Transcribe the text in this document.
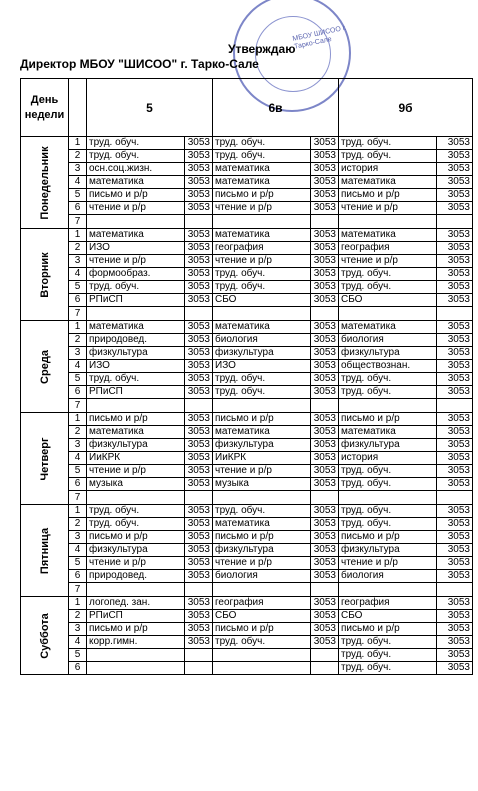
МБОУ ШИСОО г. Тарко-Сале
Утверждаю
Директор МБОУ "ШИСОО" г. Тарко-Сале
День недели		5		6в		9б	

Понедельник	1	труд. обуч.	3053	труд. обуч.	3053	труд. обуч.	3053
	2	труд. обуч.	3053	труд. обуч.	3053	труд. обуч.	3053
	3	осн.соц.жизн.	3053	математика	3053	история	3053
	4	математика	3053	математика	3053	математика	3053
	5	письмо и р/р	3053	письмо и р/р	3053	письмо и р/р	3053
	6	чтение и р/р	3053	чтение и р/р	3053	чтение и р/р	3053
	7						

Вторник	1	математика	3053	математика	3053	математика	3053
	2	ИЗО	3053	география	3053	география	3053
	3	чтение и р/р	3053	чтение и р/р	3053	чтение и р/р	3053
	4	формообраз.	3053	труд. обуч.	3053	труд. обуч.	3053
	5	труд. обуч.	3053	труд. обуч.	3053	труд. обуч.	3053
	6	РПиСП	3053	СБО	3053	СБО	3053
	7						

Среда	1	математика	3053	математика	3053	математика	3053
	2	природовед.	3053	биология	3053	биология	3053
	3	физкультура	3053	физкультура	3053	физкультура	3053
	4	ИЗО	3053	ИЗО	3053	обществознан.	3053
	5	труд. обуч.	3053	труд. обуч.	3053	труд. обуч.	3053
	6	РПиСП	3053	труд. обуч.	3053	труд. обуч.	3053
	7						

Четверг	1	письмо и р/р	3053	письмо и р/р	3053	письмо и р/р	3053
	2	математика	3053	математика	3053	математика	3053
	3	физкультура	3053	физкультура	3053	физкультура	3053
	4	ИиКРК	3053	ИиКРК	3053	история	3053
	5	чтение и р/р	3053	чтение и р/р	3053	труд. обуч.	3053
	6	музыка	3053	музыка	3053	труд. обуч.	3053
	7						

Пятница	1	труд. обуч.	3053	труд. обуч.	3053	труд. обуч.	3053
	2	труд. обуч.	3053	математика	3053	труд. обуч.	3053
	3	письмо и р/р	3053	письмо и р/р	3053	письмо и р/р	3053
	4	физкультура	3053	физкультура	3053	физкультура	3053
	5	чтение и р/р	3053	чтение и р/р	3053	чтение и р/р	3053
	6	природовед.	3053	биология	3053	биология	3053
	7						

Суббота	1	логопед. зан.	3053	география	3053	география	3053
	2	РПиСП	3053	СБО	3053	СБО	3053
	3	письмо и р/р	3053	письмо и р/р	3053	письмо и р/р	3053
	4	корр.гимн.	3053	труд. обуч.	3053	труд. обуч.	3053
	5					труд. обуч.	3053
	6					труд. обуч.	3053
